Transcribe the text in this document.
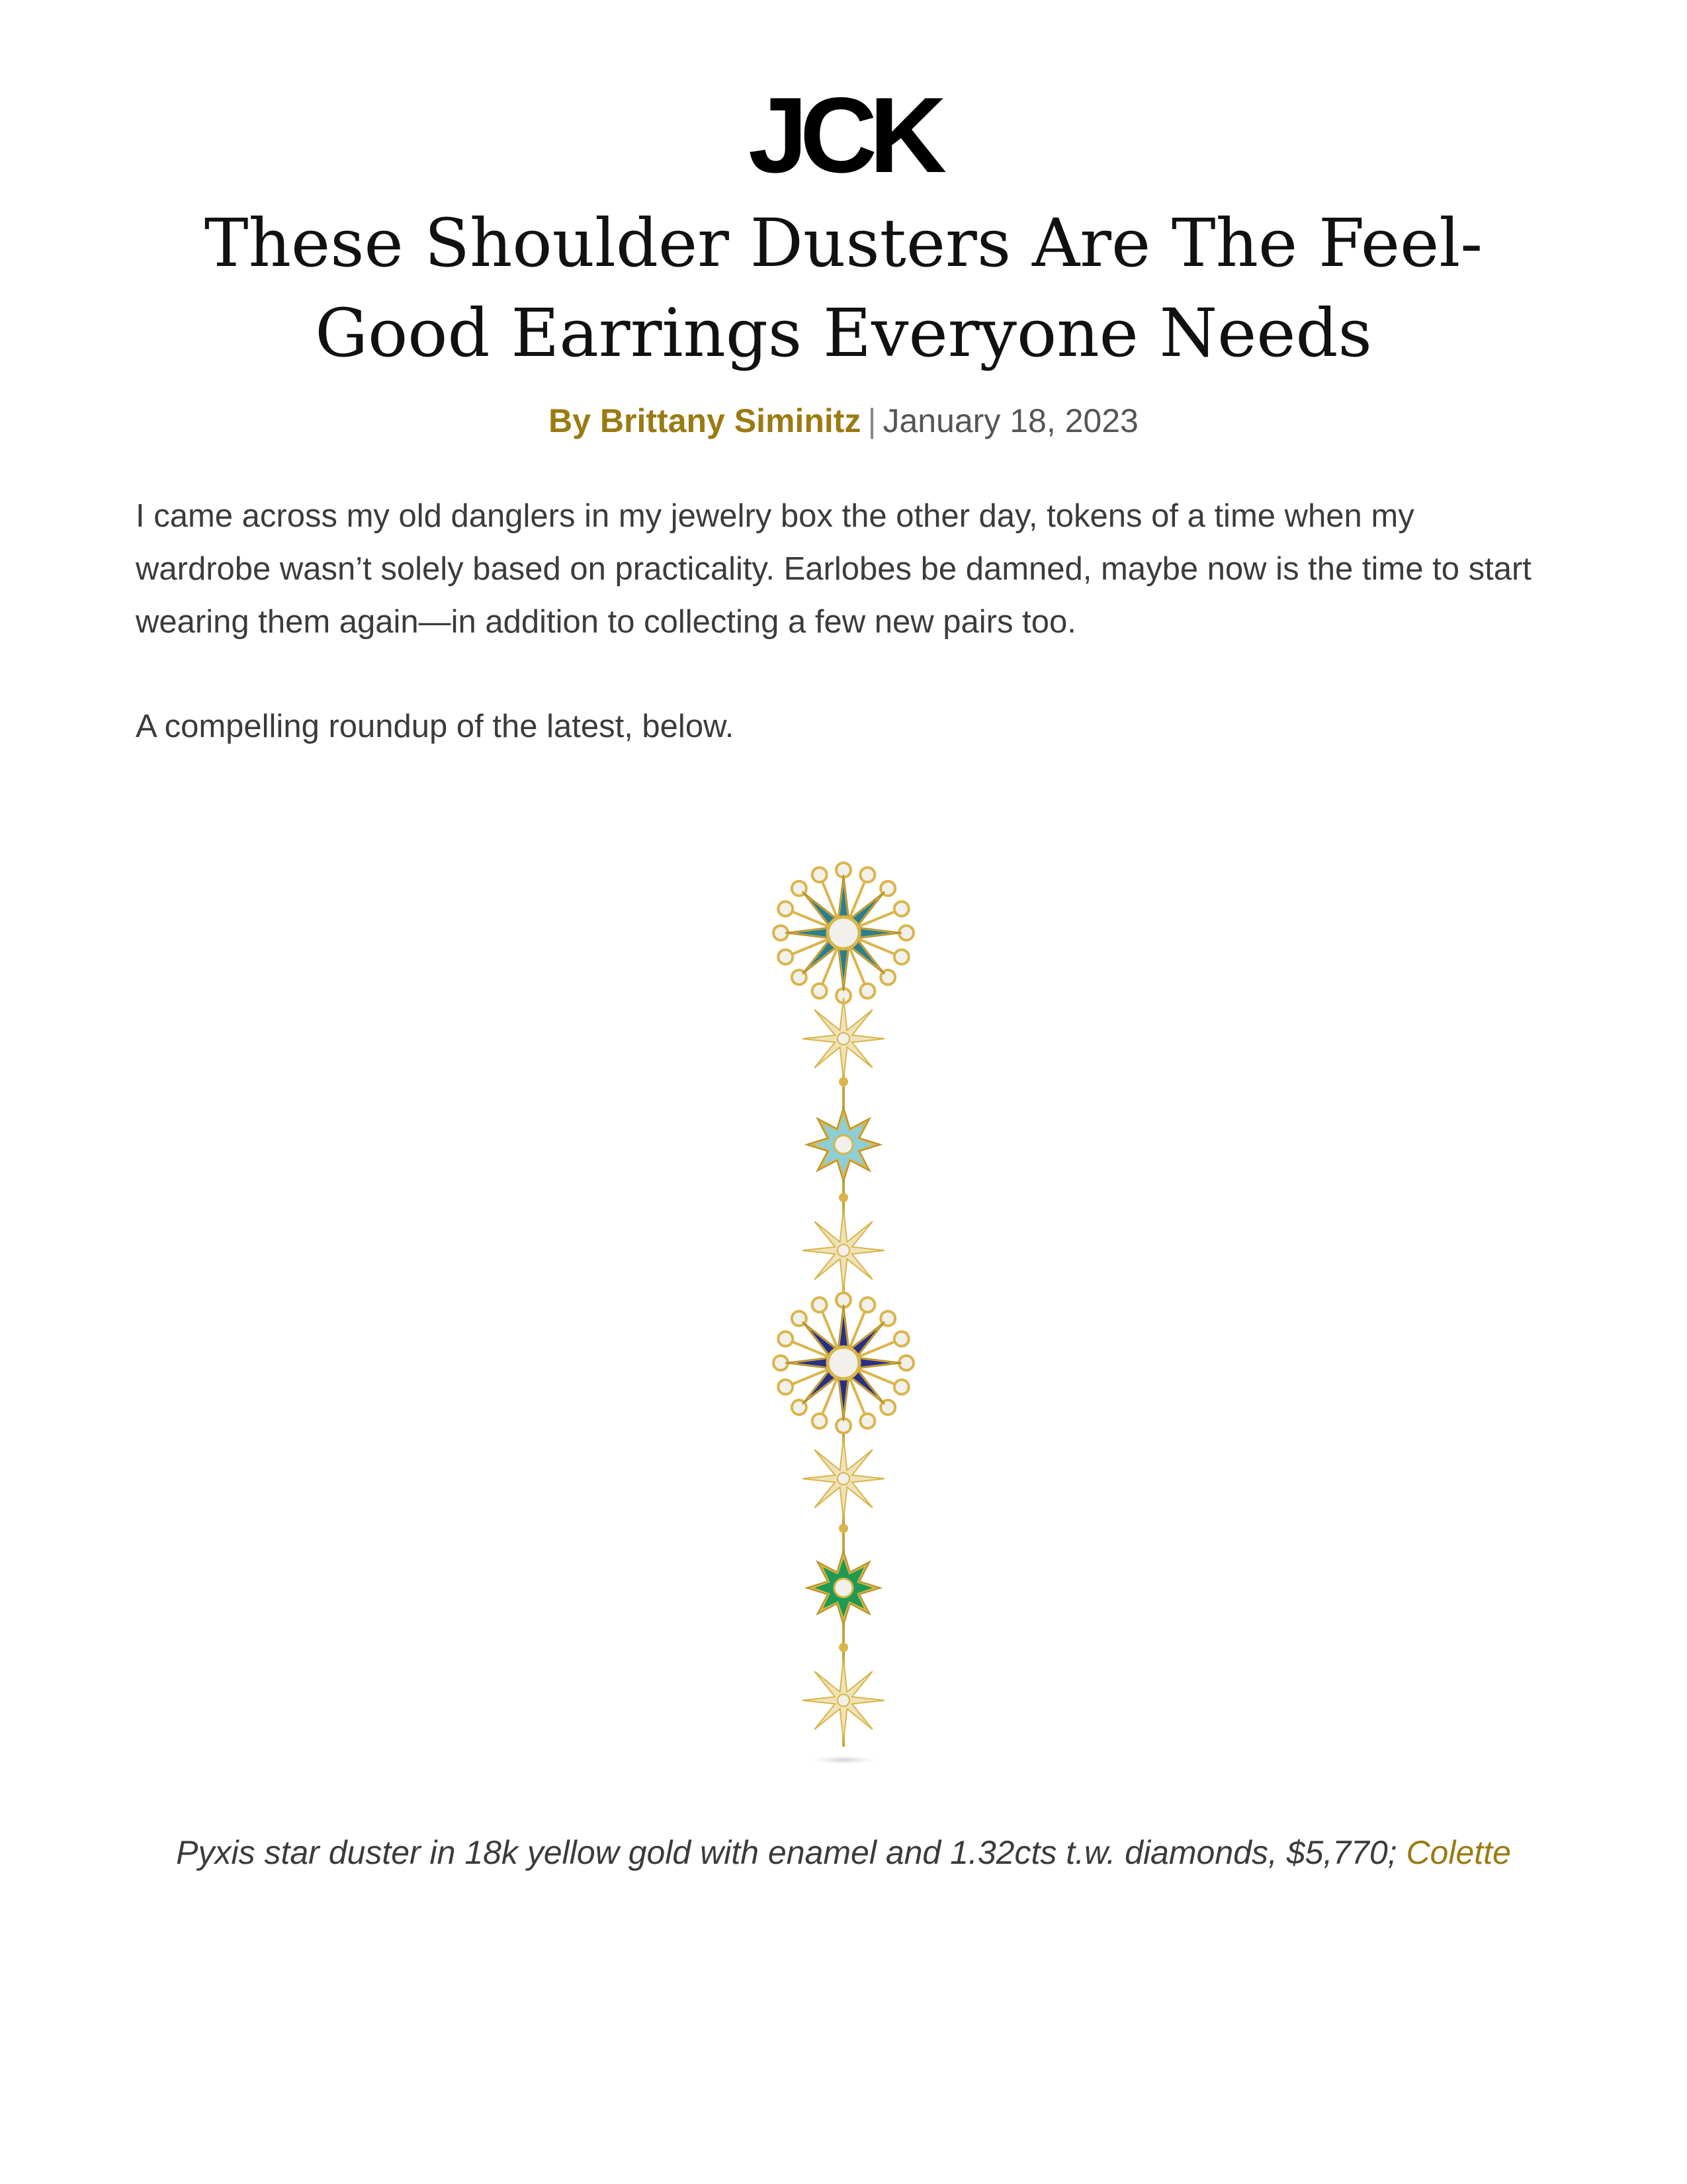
JCK
These Shoulder Dusters Are The Feel-Good Earrings Everyone Needs
By Brittany Siminitz | January 18, 2023

I came across my old danglers in my jewelry box the other day, tokens of a time when my wardrobe wasn’t solely based on practicality. Earlobes be damned, maybe now is the time to start wearing them again—in addition to collecting a few new pairs too.

A compelling roundup of the latest, below.

Pyxis star duster in 18k yellow gold with enamel and 1.32cts t.w. diamonds, $5,770; Colette
